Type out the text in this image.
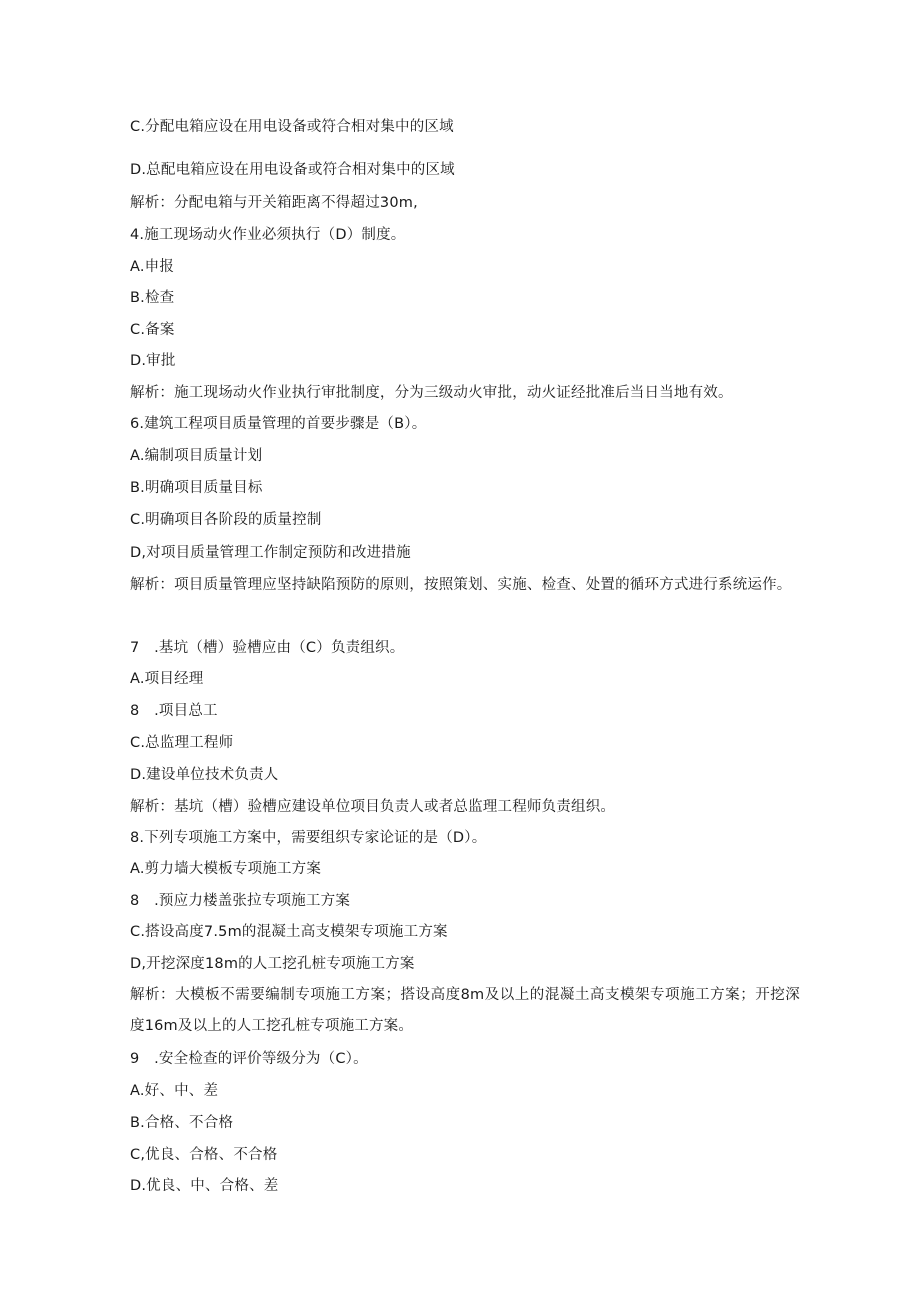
C.分配电箱应设在用电设备或符合相对集中的区域
D.总配电箱应设在用电设备或符合相对集中的区域
解析：分配电箱与开关箱距离不得超过30m,
4.施工现场动火作业必须执行（D）制度。
A.申报
B.检查
C.备案
D.审批
解析：施工现场动火作业执行审批制度，分为三级动火审批，动火证经批准后当日当地有效。
6.建筑工程项目质量管理的首要步骤是（B）。
A.编制项目质量计划
B.明确项目质量目标
C.明确项目各阶段的质量控制
D,对项目质量管理工作制定预防和改进措施
解析：项目质量管理应坚持缺陷预防的原则，按照策划、实施、检查、处置的循环方式进行系统运作。
7　.基坑（槽）验槽应由（C）负责组织。
A.项目经理
8　.项目总工
C.总监理工程师
D.建设单位技术负责人
解析：基坑（槽）验槽应建设单位项目负责人或者总监理工程师负责组织。
8.下列专项施工方案中，需要组织专家论证的是（D）。
A.剪力墙大模板专项施工方案
8　.预应力楼盖张拉专项施工方案
C.搭设高度7.5m的混凝土高支模架专项施工方案
D,开挖深度18m的人工挖孔桩专项施工方案
解析：大模板不需要编制专项施工方案；搭设高度8m及以上的混凝土高支模架专项施工方案；开挖深度16m及以上的人工挖孔桩专项施工方案。
9　.安全检查的评价等级分为（C）。
A.好、中、差
B.合格、不合格
C,优良、合格、不合格
D.优良、中、合格、差
